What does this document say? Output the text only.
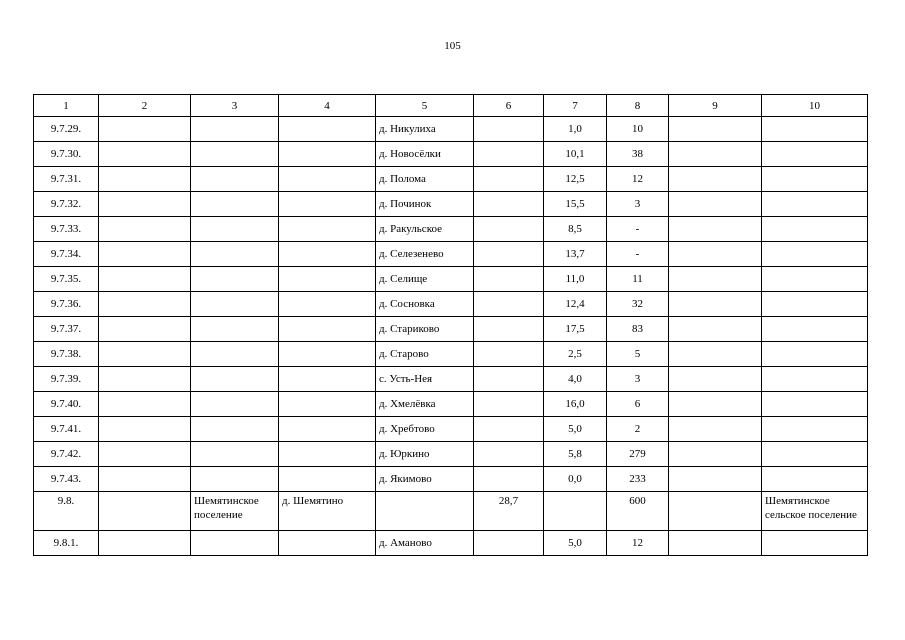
105
1	2	3	4	5	6	7	8	9	10
9.7.29.				д. Никулиха		1,0	10		
9.7.30.				д. Новосёлки		10,1	38		
9.7.31.				д. Полома		12,5	12		
9.7.32.				д. Починок		15,5	3		
9.7.33.				д. Ракульское		8,5	-		
9.7.34.				д. Селезенево		13,7	-		
9.7.35.				д. Селище		11,0	11		
9.7.36.				д. Сосновка		12,4	32		
9.7.37.				д. Стариково		17,5	83		
9.7.38.				д. Старово		2,5	5		
9.7.39.				с. Усть-Нея		4,0	3		
9.7.40.				д. Хмелёвка		16,0	6		
9.7.41.				д. Хребтово		5,0	2		
9.7.42.				д. Юркино		5,8	279		
9.7.43.				д. Якимово		0,0	233		
9.8.		Шемятинское поселение	д. Шемятино		28,7		600		Шемятинское сельское поселение
9.8.1.				д. Аманово		5,0	12		
